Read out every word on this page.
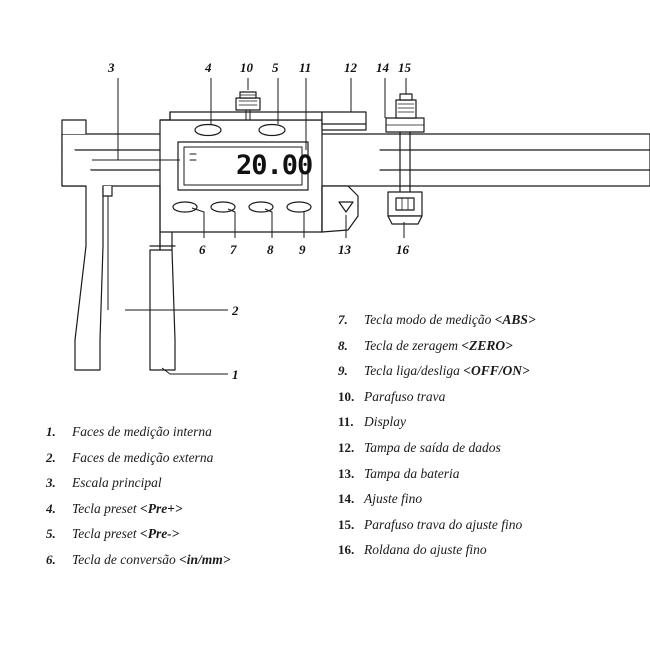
3	4 10 5 11	12 14 15
6 7 8 9	13	16
2
1
20.00
1.	Faces de medição interna
2.	Faces de medição externa
3.	Escala principal
4.	Tecla preset <Pre+>
5.	Tecla preset <Pre->
6.	Tecla de conversão <in/mm>
7.	Tecla modo de medição <ABS>
8.	Tecla de zeragem <ZERO>
9.	Tecla liga/desliga <OFF/ON>
10. Parafuso trava
11. Display
12. Tampa de saída de dados
13. Tampa da bateria
14. Ajuste fino
15. Parafuso trava do ajuste fino
16. Roldana do ajuste fino
